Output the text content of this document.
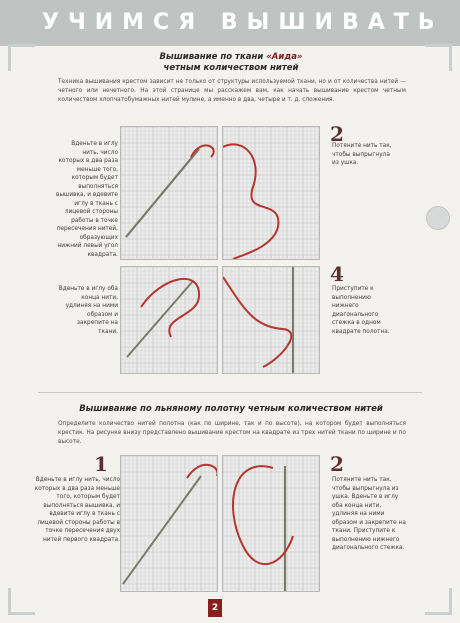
УЧИМСЯ ВЫШИВАТЬ
Вышивание по ткани «Аида»
четным количеством нитей
Техника вышивания крестом зависит не только от структуры используемой ткани, но и от количества нитей — четного или нечетного. На этой странице мы расскажем вам, как начать вышивание крестом четным количеством хлопчатобумажных нитей мулине, а именно в два, четыре и т. д. сложения.
Вденьте в иглу нить, число которых в два раза меньше того, которым будет выполняться вышивка, и вдевите иглу в ткань с лицевой стороны работы в точке пересечения нитей, образующих нижний левый угол квадрата.
2
Потяните нить так, чтобы выпрыгнула из ушка.
Вденьте в иглу оба конца нити, удлиняя на ними образом и закрепите на ткани.
4
Приступите к выполнению нижнего диагонального стежка в одном квадрате полотна.
Вышивание по льняному полотну четным количеством нитей
Определите количество нитей полотна (как по ширине, так и по высоте), на котором будет выполняться крестик. На рисунке внизу представлено вышивание крестом на квадрате из трех нитей ткани по ширине и по высоте.
1
Вденьте в иглу нить, число которых в два раза меньше того, которым будет выполняться вышивка, и вдевите иглу в ткань с лицевой стороны работы в точке пересечения двух нитей первого квадрата.
2
Потяните нить так, чтобы выпрыгнула из ушка. Вденьте в иглу оба конца нити, удлиняя на ними образом и закрепите на ткани. Приступите к выполнению нижнего диагонального стежка.
2
